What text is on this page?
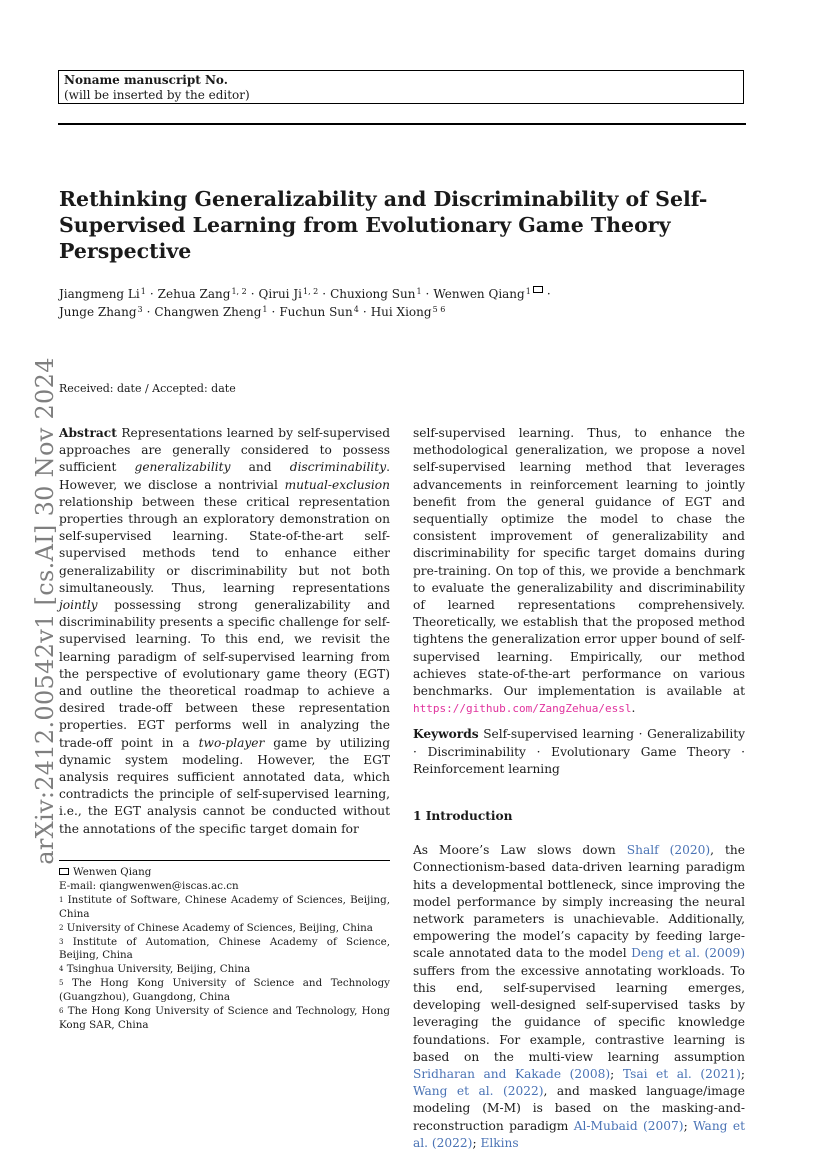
Noname manuscript No.
(will be inserted by the editor)
Rethinking Generalizability and Discriminability of Self-Supervised Learning from Evolutionary Game Theory Perspective
Jiangmeng $Li^1$ · Zehua Zang$^{1, 2}$ · Qirui Ji$^{1, 2}$ · Chuxiong Sun$^1$ · Wenwen Qiang$^1$ ·
Junge Zhang$^3$ · Changwen Zheng$^1$ · Fuchun Sun$^4$ · Hui Xiong$^{5 6}$
arXiv:2412.00542v1 [cs.AI] 30 Nov 2024 Received: date / Accepted: date

Abstract Representations learned by self-supervised approaches are generally considered to possess sufficient generalizability and discriminability. However, we disclose a nontrivial mutual-exclusion relationship between these critical representation properties through an exploratory demonstration on self-supervised learning. State-of-the-art self-supervised methods tend to enhance either generalizability or discriminability but not both simultaneously. Thus, learning representations jointly possessing strong generalizability and discriminability presents a specific challenge for self-supervised learning. To this end, we revisit the learning paradigm of self-supervised learning from the perspective of evolutionary game theory (EGT) and outline the theoretical roadmap to achieve a desired trade-off between these representation properties. EGT performs well in analyzing the trade-off point in a two-player game by utilizing dynamic system modeling. However, the EGT analysis requires sufficient annotated data, which contradicts the principle of self-supervised learning, i.e., the EGT analysis cannot be conducted without the annotations of the specific target domain for

self-supervised learning. Thus, to enhance the methodological generalization, we propose a novel self-supervised learning method that leverages advancements in reinforcement learning to jointly benefit from the general guidance of EGT and sequentially optimize the model to chase the consistent improvement of generalizability and discriminability for specific target domains during pre-training. On top of this, we provide a benchmark to evaluate the generalizability and discriminability of learned representations comprehensively. Theoretically, we establish that the proposed method tightens the generalization error upper bound of self-supervised learning. Empirically, our method achieves state-of-the-art performance on various benchmarks. Our implementation is available at https://github.com/ZangZehua/essl.

Keywords Self-supervised learning · Generalizability · Discriminability · Evolutionary Game Theory · Reinforcement learning

1 Introduction

As Moore’s Law slows down Shalf (2020), the Connectionism-based data-driven learning paradigm hits a developmental bottleneck, since improving the model performance by simply increasing the neural network parameters is unachievable. Additionally, empowering the model’s capacity by feeding large-scale annotated data to the model Deng et al. (2009) suffers from the excessive annotating workloads. To this end, self-supervised learning emerges, developing well-designed self-supervised tasks by leveraging the guidance of specific knowledge foundations. For example, contrastive learning is based on the multi-view learning assumption Sridharan and Kakade (2008); Tsai et al. (2021); Wang et al. (2022), and masked language/image modeling (M-M) is based on the masking-and-reconstruction paradigm Al-Mubaid (2007); Wang et al. (2022); Elkins

Wenwen Qiang
E-mail: qiangwenwen@iscas.ac.cn
$^1$ Institute of Software, Chinese Academy of Sciences, Beijing, China
$^2$ University of Chinese Academy of Sciences, Beijing, China
$^3$ Institute of Automation, Chinese Academy of Science, Beijing, China
$^4$ Tsinghua University, Beijing, China
$^5$ The Hong Kong University of Science and Technology (Guangzhou), Guangdong, China
$^6$ The Hong Kong University of Science and Technology, Hong Kong SAR, China
